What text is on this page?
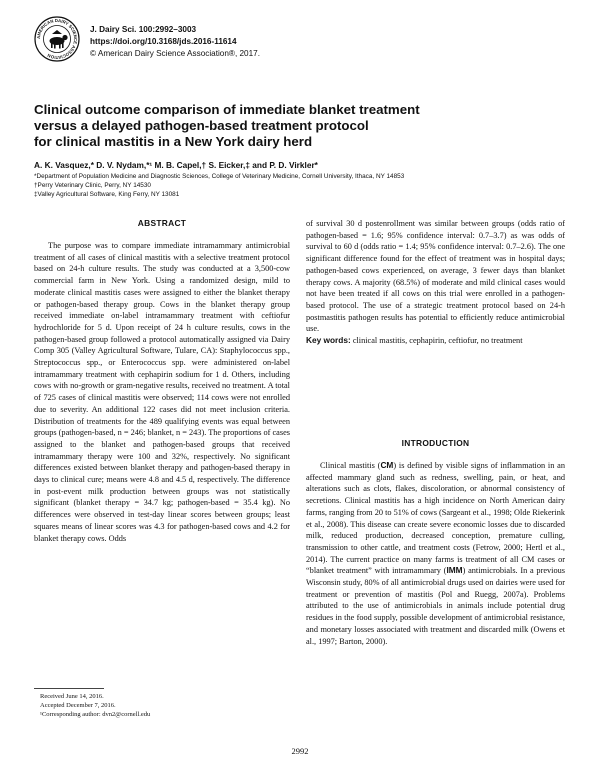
AMERICAN DAIRY SCIENCE ASSOCIATION
J. Dairy Sci. 100:2992–3003
https://doi.org/10.3168/jds.2016-11614
© American Dairy Science Association®, 2017.
Clinical outcome comparison of immediate blanket treatment
versus a delayed pathogen-based treatment protocol
for clinical mastitis in a New York dairy herd
A. K. Vasquez,* D. V. Nydam,*¹ M. B. Capel,† S. Eicker,‡ and P. D. Virkler*
*Department of Population Medicine and Diagnostic Sciences, College of Veterinary Medicine, Cornell University, Ithaca, NY 14853
†Perry Veterinary Clinic, Perry, NY 14530
‡Valley Agricultural Software, King Ferry, NY 13081
ABSTRACT

The purpose was to compare immediate intramammary antimicrobial treatment of all cases of clinical mastitis with a selective treatment protocol based on 24-h culture results. The study was conducted at a 3,500-cow commercial farm in New York. Using a randomized design, mild to moderate clinical mastitis cases were assigned to either the blanket therapy or pathogen-based therapy group. Cows in the blanket therapy group received immediate on-label intramammary treatment with ceftiofur hydrochloride for 5 d. Upon receipt of 24 h culture results, cows in the pathogen-based group followed a protocol automatically assigned via Dairy Comp 305 (Valley Agricultural Software, Tulare, CA): Staphylococcus spp., Streptococcus spp., or Enterococcus spp. were administered on-label intramammary treatment with cephapirin sodium for 1 d. Others, including cows with no-growth or gram-negative results, received no treatment. A total of 725 cases of clinical mastitis were observed; 114 cows were not enrolled due to severity. An additional 122 cases did not meet inclusion criteria. Distribution of treatments for the 489 qualifying events was equal between groups (pathogen-based, n = 246; blanket, n = 243). The proportions of cases assigned to the blanket and pathogen-based groups that received intramammary therapy were 100 and 32%, respectively. No significant differences existed between blanket therapy and pathogen-based therapy in days to clinical cure; means were 4.8 and 4.5 d, respectively. The difference in post-event milk production between groups was not statistically significant (blanket therapy = 34.7 kg; pathogen-based = 35.4 kg). No differences were observed in test-day linear scores between groups; least squares means of linear scores was 4.3 for pathogen-based cows and 4.2 for blanket therapy cows. Odds

of survival 30 d postenrollment was similar between groups (odds ratio of pathogen-based = 1.6; 95% confidence interval: 0.7–3.7) as was odds of survival to 60 d (odds ratio = 1.4; 95% confidence interval: 0.7–2.6). The one significant difference found for the effect of treatment was in hospital days; pathogen-based cows experienced, on average, 3 fewer days than blanket therapy cows. A majority (68.5%) of moderate and mild clinical cases would not have been treated if all cows on this trial were enrolled in a pathogen-based protocol. The use of a strategic treatment protocol based on 24-h postmastitis pathogen results has potential to efficiently reduce antimicrobial use.

Key words: clinical mastitis, cephapirin, ceftiofur, no treatment

INTRODUCTION

Clinical mastitis (CM) is defined by visible signs of inflammation in an affected mammary gland such as redness, swelling, pain, or heat, and alterations such as clots, flakes, discoloration, or abnormal consistency of secretions. Clinical mastitis has a high incidence on North American dairy farms, ranging from 20 to 51% of cows (Sargeant et al., 1998; Olde Riekerink et al., 2008). This disease can create severe economic losses due to discarded milk, reduced production, decreased conception, premature culling, transmission to other cattle, and treatment costs (Fetrow, 2000; Hertl et al., 2014). The current practice on many farms is treatment of all CM cases or “blanket treatment” with intramammary (IMM) antimicrobials. In a previous Wisconsin study, 80% of all antimicrobial drugs used on dairies were used for treatment or prevention of mastitis (Pol and Ruegg, 2007a). Problems attributed to the use of antimicrobials in animals include potential drug residues in the food supply, possible development of antimicrobial resistance, and monetary losses associated with treatment and discarded milk (Owens et al., 1997; Barton, 2000).

Received June 14, 2016.
Accepted December 7, 2016.
¹Corresponding author: dvn2@cornell.edu
2992
